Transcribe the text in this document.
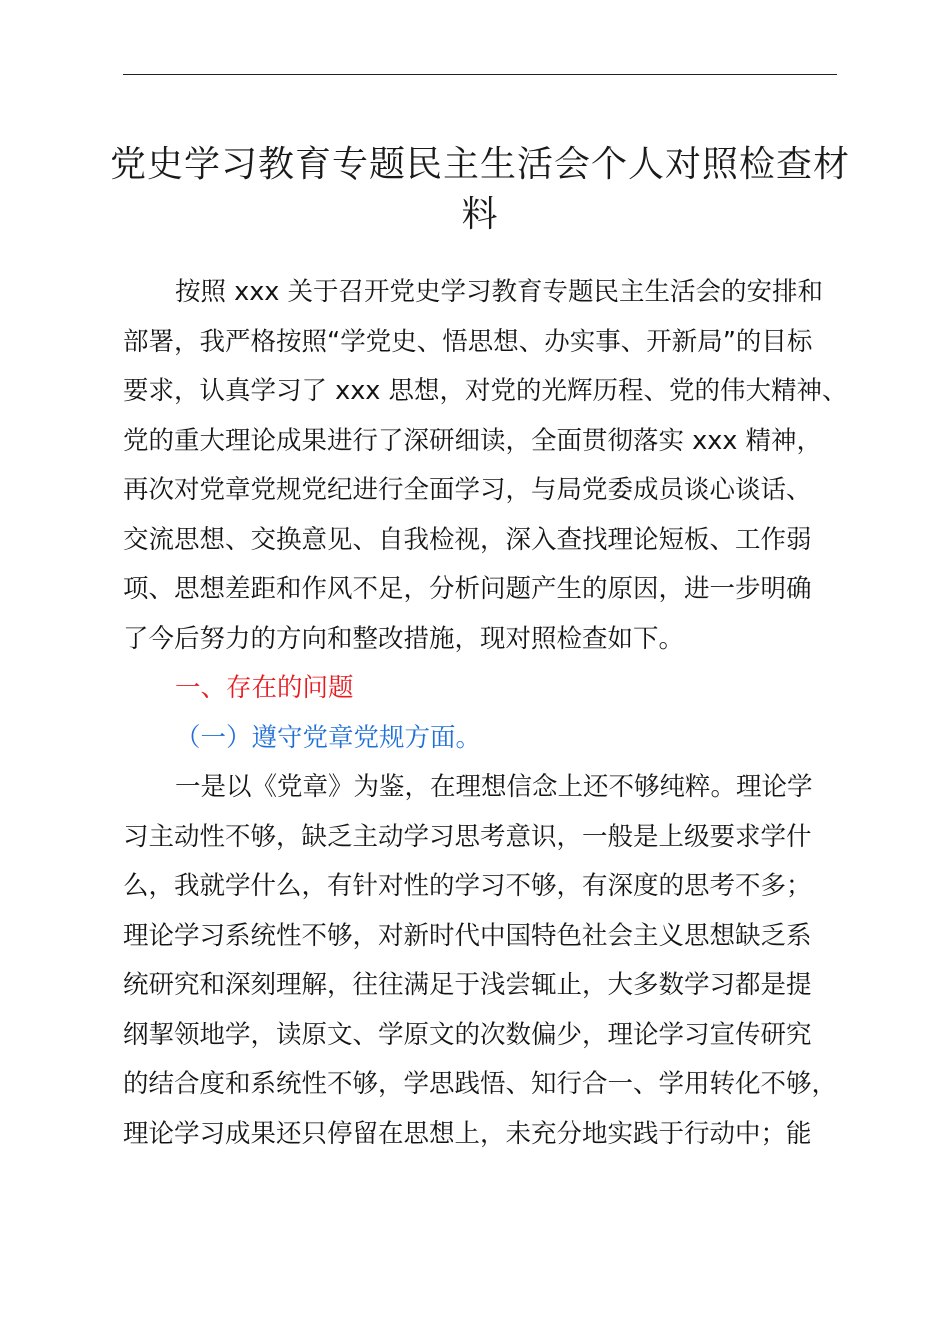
党史学习教育专题民主生活会个人对照检查材
料
按照 xxx 关于召开党史学习教育专题民主生活会的安排和
部署，我严格按照“学党史、悟思想、办实事、开新局”的目标
要求，认真学习了 xxx 思想，对党的光辉历程、党的伟大精神、
党的重大理论成果进行了深研细读，全面贯彻落实 xxx 精神，
再次对党章党规党纪进行全面学习，与局党委成员谈心谈话、
交流思想、交换意见、自我检视，深入查找理论短板、工作弱
项、思想差距和作风不足，分析问题产生的原因，进一步明确
了今后努力的方向和整改措施，现对照检查如下。
一、存在的问题
（一）遵守党章党规方面。
一是以《党章》为鉴，在理想信念上还不够纯粹。理论学
习主动性不够，缺乏主动学习思考意识，一般是上级要求学什
么，我就学什么，有针对性的学习不够，有深度的思考不多；
理论学习系统性不够，对新时代中国特色社会主义思想缺乏系
统研究和深刻理解，往往满足于浅尝辄止，大多数学习都是提
纲挈领地学，读原文、学原文的次数偏少，理论学习宣传研究
的结合度和系统性不够，学思践悟、知行合一、学用转化不够，
理论学习成果还只停留在思想上，未充分地实践于行动中；能
